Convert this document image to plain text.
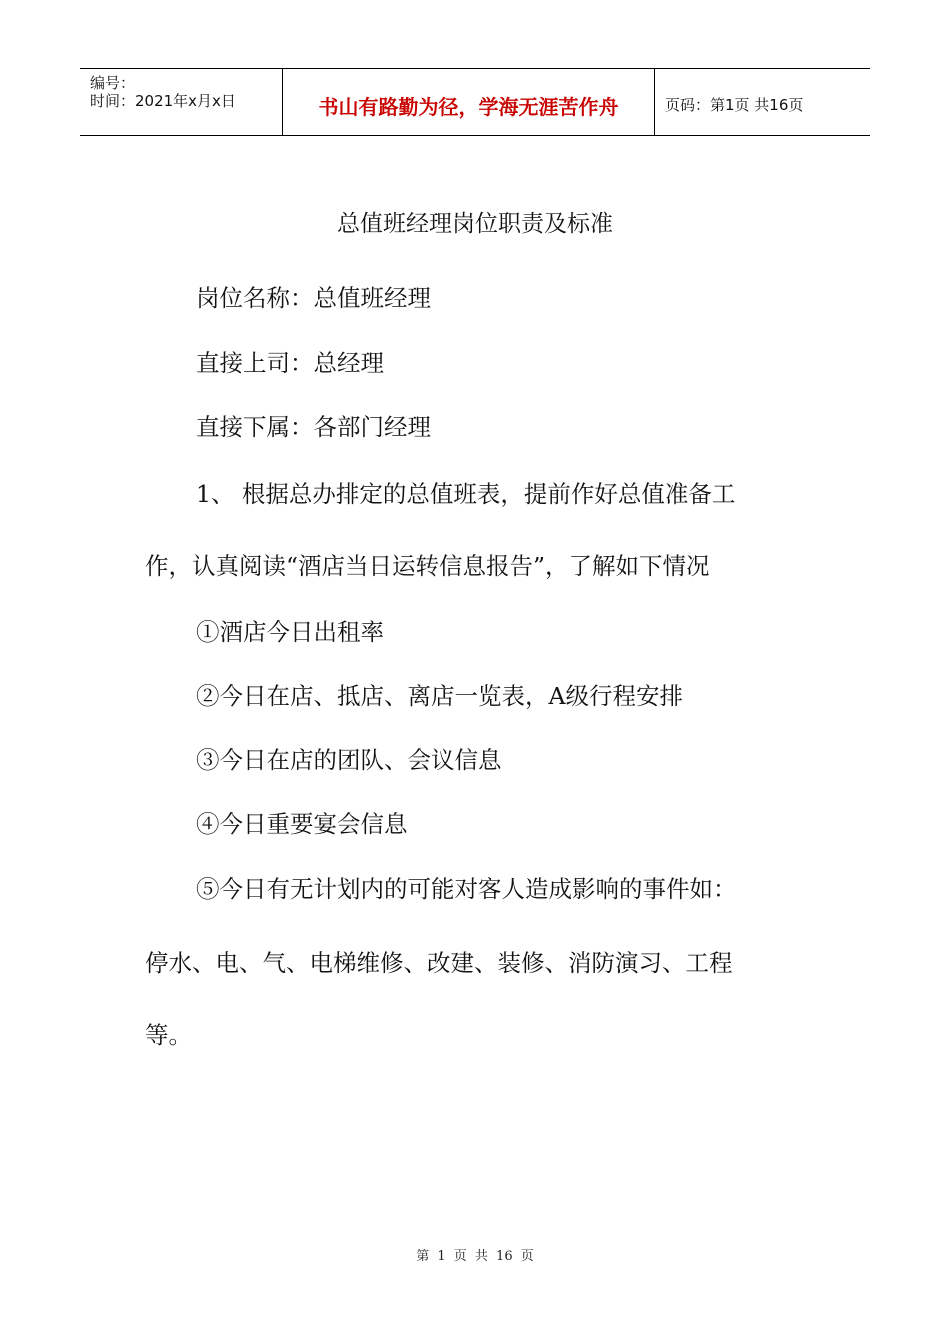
编号：
时间：2021年x月x日	书山有路勤为径，学海无涯苦作舟	页码：第1页 共16页
总值班经理岗位职责及标准
岗位名称：总值班经理
直接上司：总经理
直接下属：各部门经理
1、 根据总办排定的总值班表，提前作好总值准备工
作，认真阅读“酒店当日运转信息报告”，了解如下情况
①酒店今日出租率
②今日在店、抵店、离店一览表，A级行程安排
③今日在店的团队、会议信息
④今日重要宴会信息
⑤今日有无计划内的可能对客人造成影响的事件如：
停水、电、气、电梯维修、改建、装修、消防演习、工程
等。
第 1 页 共 16 页
